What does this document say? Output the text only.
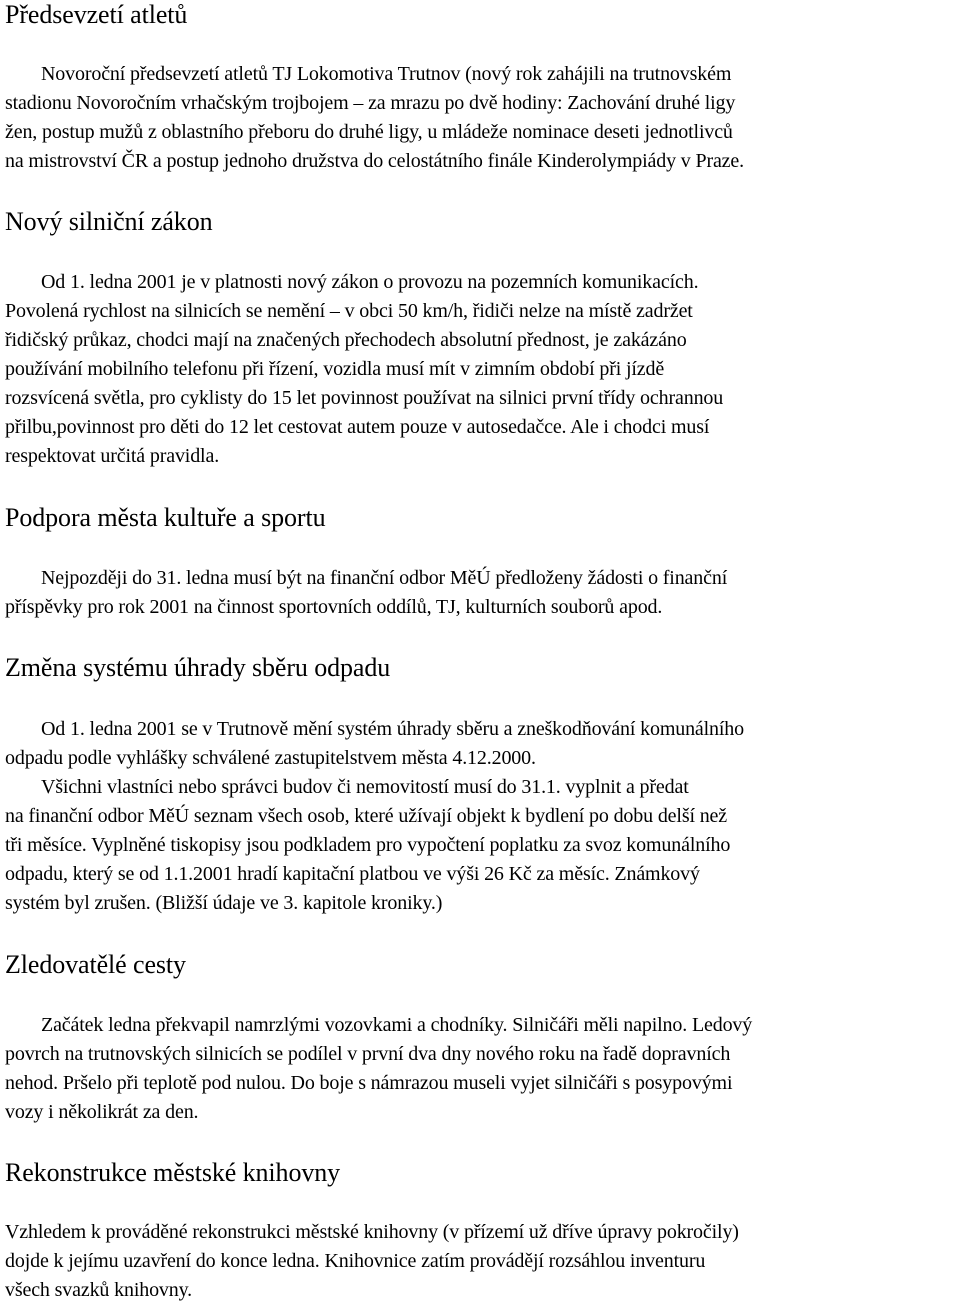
Předsevzetí atletů

Novoroční předsevzetí atletů TJ Lokomotiva Trutnov (nový rok zahájili na trutnovském
stadionu Novoročním vrhačským trojbojem – za mrazu po dvě hodiny: Zachování druhé ligy
žen, postup mužů z oblastního přeboru do druhé ligy, u mládeže nominace deseti jednotlivců
na mistrovství ČR a postup jednoho družstva do celostátního finále Kinderolympiády v Praze.

Nový silniční zákon

Od 1. ledna 2001 je v platnosti nový zákon o provozu na pozemních komunikacích.
Povolená rychlost na silnicích se nemění – v obci 50 km/h, řidiči nelze na místě zadržet
řidičský průkaz, chodci mají na značených přechodech absolutní přednost, je zakázáno
používání mobilního telefonu při řízení, vozidla musí mít v zimním období při jízdě
rozsvícená světla, pro cyklisty do 15 let povinnost používat na silnici první třídy ochrannou
přilbu,povinnost pro děti do 12 let cestovat autem pouze v autosedačce. Ale i chodci musí
respektovat určitá pravidla.

Podpora města kultuře a sportu

Nejpozději do 31. ledna musí být na finanční odbor MěÚ předloženy žádosti o finanční
příspěvky pro rok 2001 na činnost sportovních oddílů, TJ, kulturních souborů apod.

Změna systému úhrady sběru odpadu

Od 1. ledna 2001 se v Trutnově mění systém úhrady sběru a zneškodňování komunálního
odpadu podle vyhlášky schválené zastupitelstvem města 4.12.2000.
Všichni vlastníci nebo správci budov či nemovitostí musí do 31.1. vyplnit a předat
na finanční odbor MěÚ seznam všech osob, které užívají objekt k bydlení po dobu delší než
tři měsíce. Vyplněné tiskopisy jsou podkladem pro vypočtení poplatku za svoz komunálního
odpadu, který se od 1.1.2001 hradí kapitační platbou ve výši 26 Kč za měsíc. Známkový
systém byl zrušen. (Bližší údaje ve 3. kapitole kroniky.)

Zledovatělé cesty

Začátek ledna překvapil namrzlými vozovkami a chodníky. Silničáři měli napilno. Ledový
povrch na trutnovských silnicích se podílel v první dva dny nového roku na řadě dopravních
nehod. Pršelo při teplotě pod nulou. Do boje s námrazou museli vyjet silničáři s posypovými
vozy i několikrát za den.

Rekonstrukce městské knihovny

Vzhledem k prováděné rekonstrukci městské knihovny (v přízemí už dříve úpravy pokročily)
dojde k jejímu uzavření do konce ledna. Knihovnice zatím provádějí rozsáhlou inventuru
všech svazků knihovny.
